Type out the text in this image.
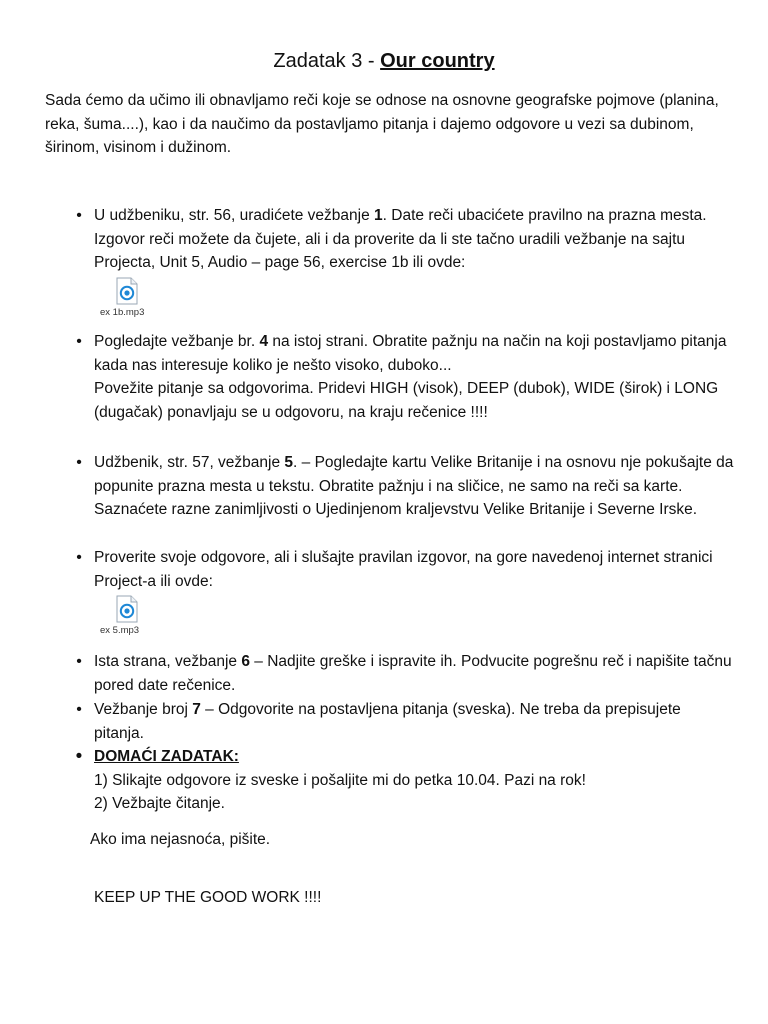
Zadatak 3 - Our country

Sada ćemo da učimo ili obnavljamo reči koje se odnose na osnovne geografske pojmove (planina, reka, šuma....), kao i da naučimo da postavljamo pitanja i dajemo odgovore u vezi sa dubinom, širinom, visinom i dužinom.

• U udžbeniku, str. 56, uradićete vežbanje 1. Date reči ubacićete pravilno na prazna mesta. Izgovor reči možete da čujete, ali i da proverite da li ste tačno uradili vežbanje na sajtu Projecta, Unit 5, Audio – page 56, exercise 1b ili ovde:

ex 1b.mp3
• Pogledajte vežbanje br. 4 na istoj strani. Obratite pažnju na način na koji postavljamo pitanja kada nas interesuje koliko je nešto visoko, duboko...

Povežite pitanje sa odgovorima. Pridevi HIGH (visok), DEEP (dubok), WIDE (širok) i LONG (dugačak) ponavljaju se u odgovoru, na kraju rečenice !!!!

• Udžbenik, str. 57, vežbanje 5. – Pogledajte kartu Velike Britanije i na osnovu nje pokušajte da popunite prazna mesta u tekstu. Obratite pažnju i na sličice, ne samo na reči sa karte. Saznaćete razne zanimljivosti o Ujedinjenom kraljevstvu Velike Britanije i Severne Irske.

• Proverite svoje odgovore, ali i slušajte pravilan izgovor, na gore navedenoj internet stranici Project-a ili ovde:

ex 5.mp3
• Ista strana, vežbanje 6 – Nadjite greške i ispravite ih. Podvucite pogrešnu reč i napišite tačnu pored date rečenice.

• Vežbanje broj 7 – Odgovorite na postavljena pitanja (sveska). Ne treba da prepisujete pitanja.

• DOMAĆI ZADATAK:

1) Slikajte odgovore iz sveske i pošaljite mi do petka 10.04. Pazi na rok!

2) Vežbajte čitanje.

Ako ima nejasnoća, pišite.
KEEP UP THE GOOD WORK !!!!
